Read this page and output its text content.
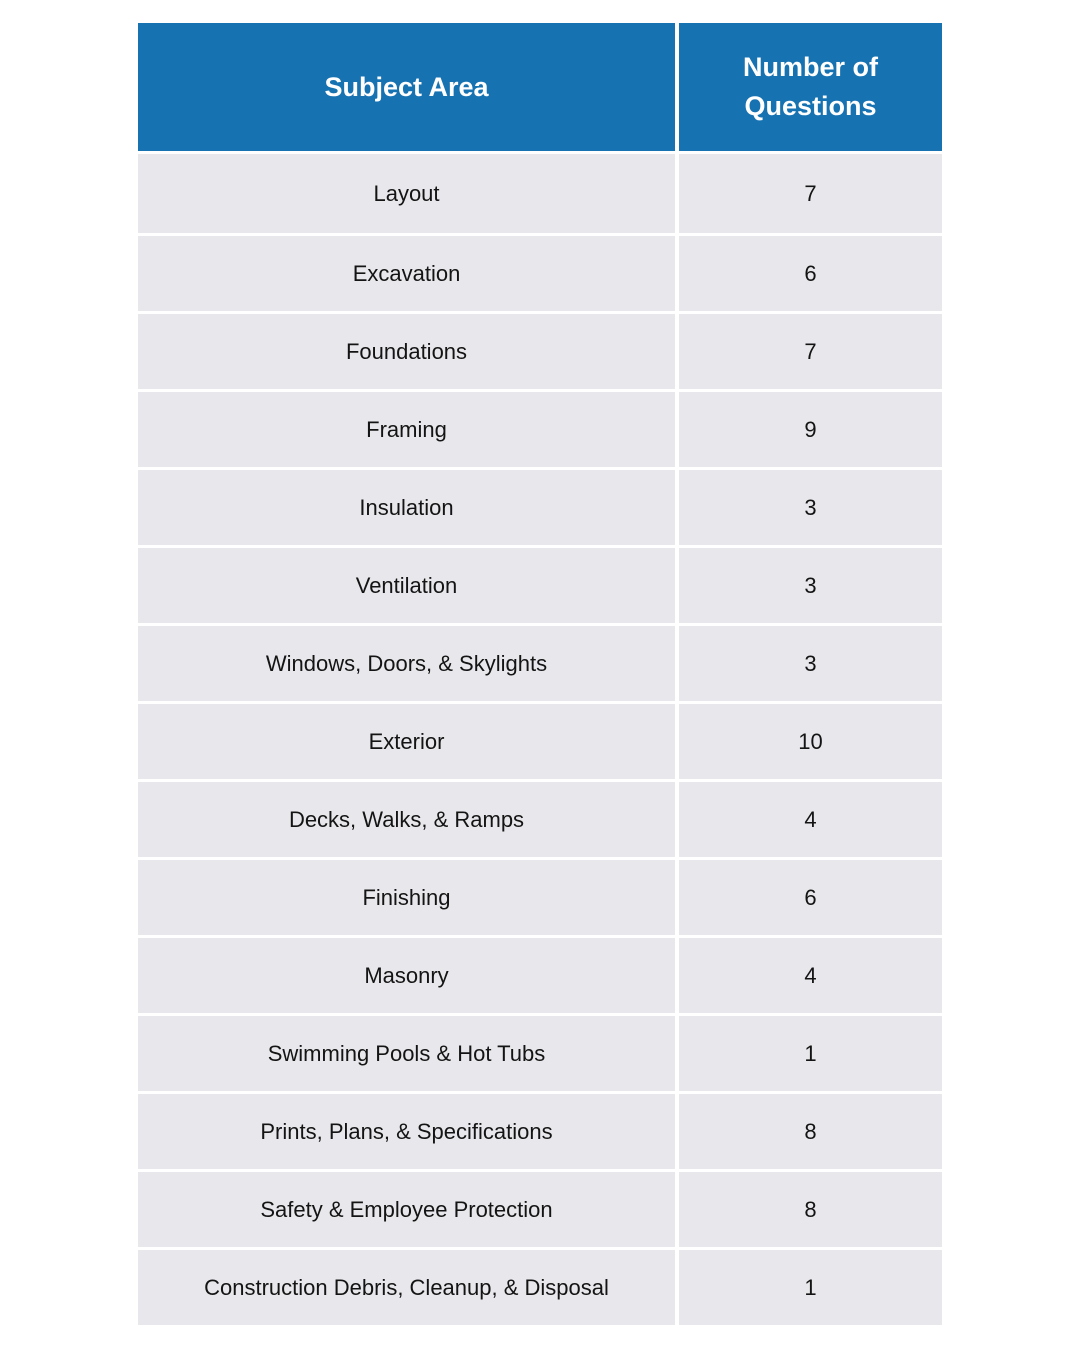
Subject Area	Number of
Questions
Layout	7
Excavation	6
Foundations	7
Framing	9
Insulation	3
Ventilation	3
Windows, Doors, & Skylights	3
Exterior	10
Decks, Walks, & Ramps	4
Finishing	6
Masonry	4
Swimming Pools & Hot Tubs	1
Prints, Plans, & Specifications	8
Safety & Employee Protection	8
Construction Debris, Cleanup, & Disposal	1
